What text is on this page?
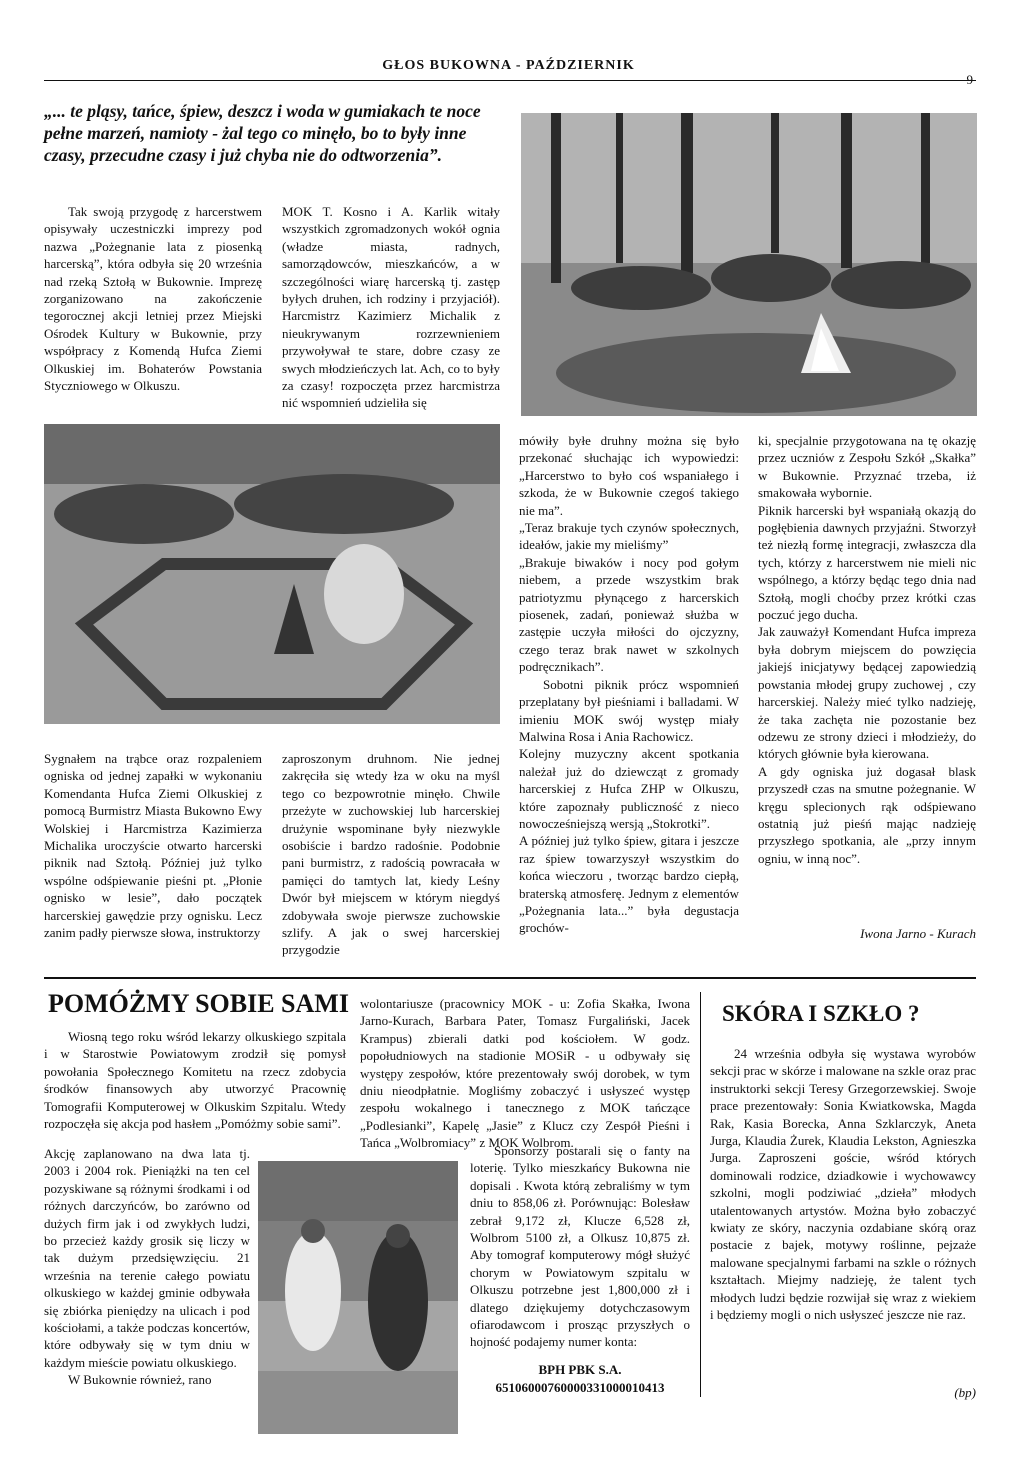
GŁOS BUKOWNA - PAŹDZIERNIK
9
„... te pląsy, tańce, śpiew, deszcz i woda w gumiakach te noce pełne marzeń, namioty - żal tego co minęło, bo to były inne czasy, przecudne czasy i już chyba nie do odtworzenia”.

Tak swoją przygodę z harcerstwem opisywały uczestniczki imprezy pod nazwa „Pożegnanie lata z piosenką harcerską”, która odbyła się 20 września nad rzeką Sztołą w Bukownie. Imprezę zorganizowano na zakończenie tegorocznej akcji letniej przez Miejski Ośrodek Kultury w Bukownie, przy współpracy z Komendą Hufca Ziemi Olkuskiej im. Bohaterów Powstania Styczniowego w Olkuszu.

MOK T. Kosno i A. Karlik witały wszystkich zgromadzonych wokół ognia (władze miasta, radnych, samorządowców, mieszkańców, a w szczególności wiarę harcerską tj. zastęp byłych druhen, ich rodziny i przyjaciół). Harcmistrz Kazimierz Michalik z nieukrywanym rozrzewnieniem przywoływał te stare, dobre czasy ze swych młodzieńczych lat. Ach, co to były za czasy! rozpoczęta przez harcmistrza nić wspomnień udzieliła się

mówiły byłe druhny można się było przekonać słuchając ich wypowiedzi: „Harcerstwo to było coś wspaniałego i szkoda, że w Bukownie czegoś takiego nie ma”.

„Teraz brakuje tych czynów społecznych, ideałów, jakie my mieliśmy”

„Brakuje biwaków i nocy pod gołym niebem, a przede wszystkim brak patriotyzmu płynącego z harcerskich piosenek, zadań, ponieważ służba w zastępie uczyła miłości do ojczyzny, czego teraz brak nawet w szkolnych podręcznikach”.

Sobotni piknik prócz wspomnień przeplatany był pieśniami i balladami. W imieniu MOK swój występ miały Malwina Rosa i Ania Rachowicz.

Kolejny muzyczny akcent spotkania należał już do dziewcząt z gromady harcerskiej z Hufca ZHP w Olkuszu, które zapoznały publiczność z nieco nowocześniejszą wersją „Stokrotki”.

A później już tylko śpiew, gitara i jeszcze raz śpiew towarzyszył wszystkim do końca wieczoru , tworząc bardzo ciepłą, braterską atmosferę. Jednym z elementów „Pożegnania lata...” była degustacja grochów-

ki, specjalnie przygotowana na tę okazję przez uczniów z Zespołu Szkół „Skałka” w Bukownie. Przyznać trzeba, iż smakowała wybornie.

Piknik harcerski był wspaniałą okazją do pogłębienia dawnych przyjaźni. Stworzył też niezłą formę integracji, zwłaszcza dla tych, którzy z harcerstwem nie mieli nic wspólnego, a którzy będąc tego dnia nad Sztołą, mogli choćby przez krótki czas poczuć jego ducha.

Jak zauważył Komendant Hufca impreza była dobrym miejscem do powzięcia jakiejś inicjatywy będącej zapowiedzią powstania młodej grupy zuchowej , czy harcerskiej. Należy mieć tylko nadzieję, że taka zachęta nie pozostanie bez odzewu ze strony dzieci i młodzieży, do których głównie była kierowana.

A gdy ogniska już dogasał blask przyszedł czas na smutne pożegnanie. W kręgu splecionych rąk odśpiewano ostatnią już pieśń mając nadzieję przyszłego spotkania, ale „przy innym ogniu, w inną noc”.

Iwona Jarno - Kurach

Sygnałem na trąbce oraz rozpaleniem ogniska od jednej zapałki w wykonaniu Komendanta Hufca Ziemi Olkuskiej z pomocą Burmistrz Miasta Bukowno Ewy Wolskiej i Harcmistrza Kazimierza Michalika uroczyście otwarto harcerski piknik nad Sztołą. Później już tylko wspólne odśpiewanie pieśni pt. „Płonie ognisko w lesie”, dało początek harcerskiej gawędzie przy ognisku. Lecz zanim padły pierwsze słowa, instruktorzy

zaproszonym druhnom. Nie jednej zakręciła się wtedy łza w oku na myśl tego co bezpowrotnie minęło. Chwile przeżyte w zuchowskiej lub harcerskiej drużynie wspominane były niezwykle osobiście i bardzo radośnie. Podobnie pani burmistrz, z radością powracała w pamięci do tamtych lat, kiedy Leśny Dwór był miejscem w którym niegdyś zdobywała swoje pierwsze zuchowskie szlify. A jak o swej harcerskiej przygodzie

POMÓŻMY SOBIE SAMI

Wiosną tego roku wśród lekarzy olkuskiego szpitala i w Starostwie Powiatowym zrodził się pomysł powołania Społecznego Komitetu na rzecz zdobycia środków finansowych aby utworzyć Pracownię Tomografii Komputerowej w Olkuskim Szpitalu. Wtedy rozpoczęła się akcja pod hasłem „Pomóżmy sobie sami”.

Akcję zaplanowano na dwa lata tj. 2003 i 2004 rok. Pieniążki na ten cel pozyskiwane są różnymi środkami i od różnych darczyńców, bo zarówno od dużych firm jak i od zwykłych ludzi, bo przecież każdy grosik się liczy w tak dużym przedsięwzięciu. 21 września na terenie całego powiatu olkuskiego w każdej gminie odbywała się zbiórka pieniędzy na ulicach i pod kościołami, a także podczas koncertów, które odbywały się w tym dniu w każdym mieście powiatu olkuskiego.

W Bukownie również, rano

wolontariusze (pracownicy MOK - u: Zofia Skałka, Iwona Jarno-Kurach, Barbara Pater, Tomasz Furgaliński, Jacek Krampus) zbierali datki pod kościołem. W godz. popołudniowych na stadionie MOSiR - u odbywały się występy zespołów, które prezentowały swój dorobek, w tym dniu nieodpłatnie. Mogliśmy zobaczyć i usłyszeć występ zespołu wokalnego i tanecznego z MOK tańczące „Podlesianki”, Kapelę „Jasie” z Klucz czy Zespół Pieśni i Tańca „Wolbromiacy” z MOK Wolbrom.

Sponsorzy postarali się o fanty na loterię. Tylko mieszkańcy Bukowna nie dopisali . Kwota którą zebraliśmy w tym dniu to 858,06 zł. Porównując: Bolesław zebrał 9,172 zł, Klucze 6,528 zł, Wolbrom 5100 zł, a Olkusz 10,875 zł. Aby tomograf komputerowy mógł służyć chorym w Powiatowym szpitalu w Olkuszu potrzebne jest 1,800,000 zł i dlatego dziękujemy dotychczasowym ofiarodawcom i prosząc przyszłych o hojność podajemy numer konta:

BPH PBK S.A.
65106000760000331000010413
SKÓRA I SZKŁO ?

24 września odbyła się wystawa wyrobów sekcji prac w skórze i malowane na szkle oraz prac instruktorki sekcji Teresy Grzegorzewskiej. Swoje prace prezentowały: Sonia Kwiatkowska, Magda Rak, Kasia Borecka, Anna Szklarczyk, Aneta Jurga, Klaudia Żurek, Klaudia Lekston, Agnieszka Jurga. Zaproszeni goście, wśród których dominowali rodzice, dziadkowie i wychowawcy szkolni, mogli podziwiać „dzieła” młodych utalentowanych artystów. Można było zobaczyć kwiaty ze skóry, naczynia ozdabiane skórą oraz postacie z bajek, motywy roślinne, pejzaże malowane specjalnymi farbami na szkle o różnych kształtach. Miejmy nadzieję, że talent tych młodych ludzi będzie rozwijał się wraz z wiekiem i będziemy mogli o nich usłyszeć jeszcze nie raz.

(bp)
